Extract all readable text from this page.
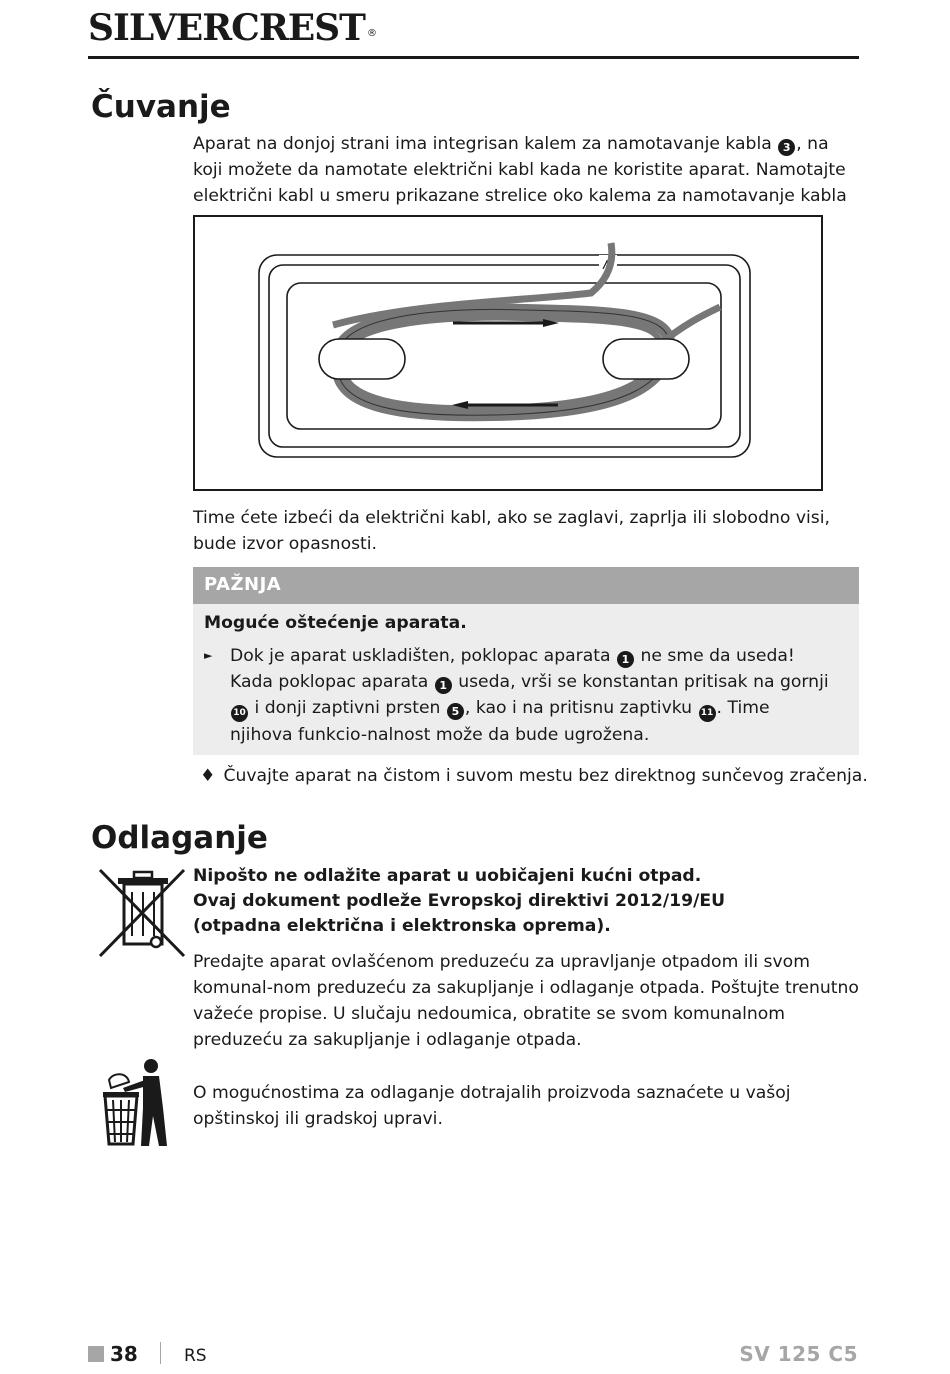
SILVERCREST ®
Čuvanje
Aparat na donjoj strani ima integrisan kalem za namotavanje kabla 3 , na koji možete da namotate električni kabl kada ne koristite aparat. Namotajte električni kabl u smeru prikazane strelice oko kalema za namotavanje kabla
Time ćete izbeći da električni kabl, ako se zaglavi, zaprlja ili slobodno visi, bude izvor opasnosti.
PAŽNJA
Moguće oštećenje aparata.
► Dok je aparat uskladišten, poklopac aparata 1 ne sme da useda! Kada poklopac aparata 1 useda, vrši se konstantan pritisak na gornji 10 i donji zaptivni prsten 5 , kao i na pritisnu zaptivku 11 . Time njihova funkcio-nalnost može da bude ugrožena.
♦ Čuvajte aparat na čistom i suvom mestu bez direktnog sunčevog zračenja.
Odlaganje
Nipošto ne odlažite aparat u uobičajeni kućni otpad.
Ovaj dokument podleže Evropskoj direktivi 2012/19/EU
(otpadna električna i elektronska oprema).
Predajte aparat ovlašćenom preduzeću za upravljanje otpadom ili svom komunal-nom preduzeću za sakupljanje i odlaganje otpada. Poštujte trenutno važeće propise. U slučaju nedoumica, obratite se svom komunalnom preduzeću za sakupljanje i odlaganje otpada.
O mogućnostima za odlaganje dotrajalih proizvoda saznaćete u vašoj opštinskoj ili gradskoj upravi.
38	RS	SV 125 C5
